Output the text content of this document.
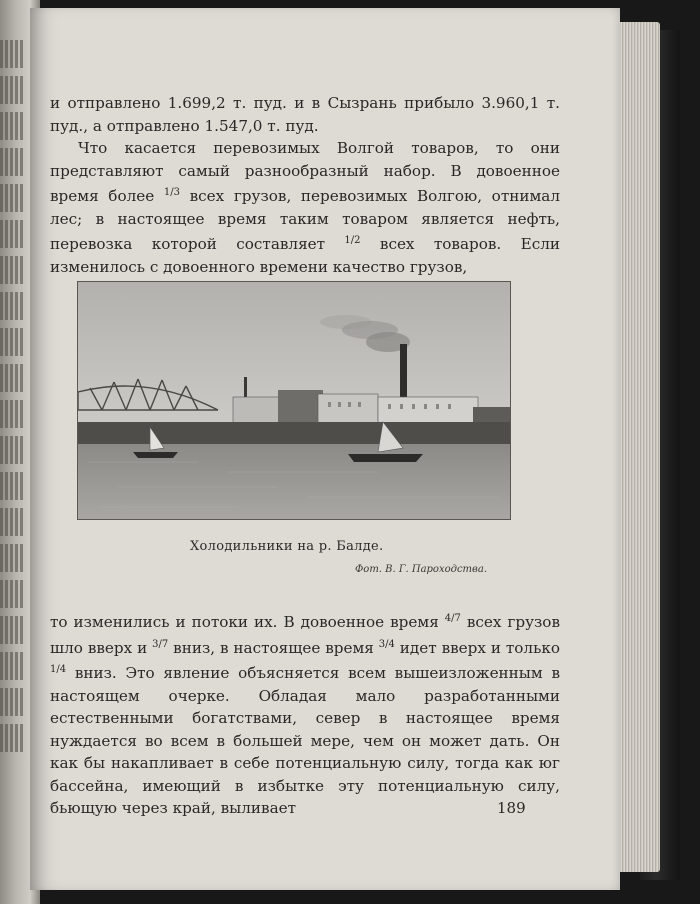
и отправлено 1.699,2 т. пуд. и в Сызрань прибыло 3.960,1 т. пуд., а отправлено 1.547,0 т. пуд.

Что касается перевозимых Волгой товаров, то они представляют самый разнообразный набор. В довоенное время более $^{1/3}$ всех грузов, перевозимых Волгою, отнимал лес; в настоящее время таким товаром является нефть, перевозка которой составляет $^{1/2}$ всех товаров. Если изменилось с довоенного времени качество грузов,

Холодильники на р. Балде.
Фот. В. Г. Пароходства.

то изменились и потоки их. В довоенное время $^{4/7}$ всех грузов шло вверх и $^{3/7}$ вниз, в настоящее время $^{3/4}$ идет вверх и только $^{1/4}$ вниз. Это явление объясняется всем вышеизложенным в настоящем очерке. Обладая мало разработанными естественными богатствами, север в настоящее время нуждается во всем в большей мере, чем он может дать. Он как бы накапливает в себе потенциальную силу, тогда как юг бассейна, имеющий в избытке эту потенциальную силу, бьющую через край, выливает	189
